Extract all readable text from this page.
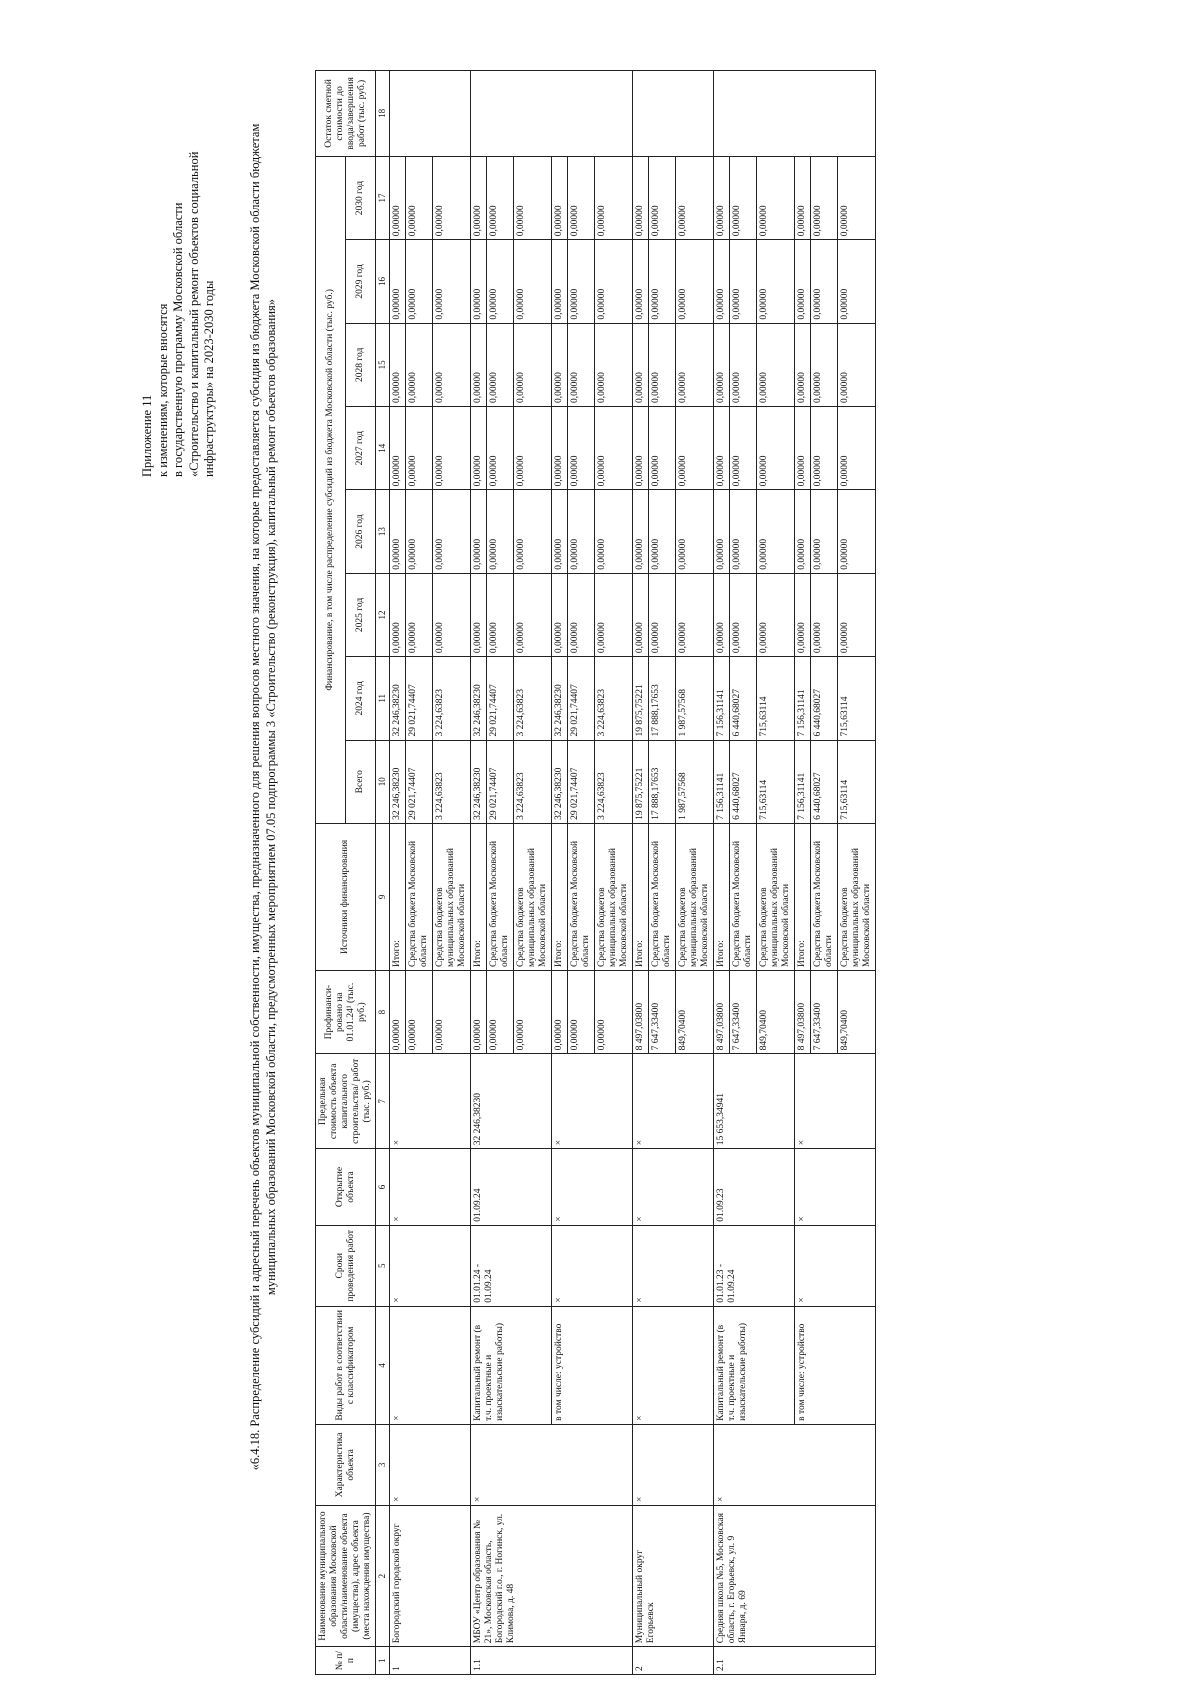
Приложение 11 к изменениям, которые вносятся в государственную программу Московской области «Строительство и капитальный ремонт объектов социальной инфраструктуры» на 2023-2030 годы	«6.4.18. Распределение субсидий и адресный перечень объектов муниципальной собственности, имущества, предназначенного для решения вопросов местного значения, на которые предоставляется субсидия из бюджета Московской области бюджетам муниципальных образований Московской области, предусмотренных мероприятием 07.05 подпрограммы 3 «Строительство (реконструкция), капитальный ремонт объектов образования»
№ п/п	Наименование муниципального образования Московской области/наименование объекта (имущества), адрес объекта (места нахождения имущества)	Характеристика объекта	Виды работ в соответствии с классификатором	Сроки проведения работ	Открытие объекта	Предельная стоимость объекта капитального строительства/ работ (тыс. руб.)	Профинанси-ровано на 01.01.24¹ (тыс. руб.)	Источники финансирования	Финансирование, в том числе распределение субсидий из бюджета Московской области (тыс. руб.)								Остаток сметной стоимости до ввода/завершения работ (тыс. руб.)
									Всего	2024 год	2025 год	2026 год	2027 год	2028 год	2029 год	2030 год	
1	2	3	4	5	6	7	8	9	10	11	12	13	14	15	16	17	18
1	Богородский городской округ	×	×	×	×	×	0,00000	Итого:	32 246,38230	32 246,38230	0,00000	0,00000	0,00000	0,00000	0,00000	0,00000	
							0,00000	Средства бюджета Московской области	29 021,74407	29 021,74407	0,00000	0,00000	0,00000	0,00000	0,00000	0,00000	
							0,00000	Средства бюджетов муниципальных образований Московской области	3 224,63823	3 224,63823	0,00000	0,00000	0,00000	0,00000	0,00000	0,00000	
1.1	МБОУ «Центр образования № 21», Московская область, Богородский г.о., г. Ногинск, ул. Климова, д. 48	×	Капитальный ремонт (в т.ч. проектные и изыскательские работы)	01.01.24 - 01.09.24	01.09.24	32 246,38230	0,00000	Итого:	32 246,38230	32 246,38230	0,00000	0,00000	0,00000	0,00000	0,00000	0,00000	
							0,00000	Средства бюджета Московской области	29 021,74407	29 021,74407	0,00000	0,00000	0,00000	0,00000	0,00000	0,00000	
							0,00000	Средства бюджетов муниципальных образований Московской области	3 224,63823	3 224,63823	0,00000	0,00000	0,00000	0,00000	0,00000	0,00000	
			в том числе: устройство	×	×	×	0,00000	Итого:	32 246,38230	32 246,38230	0,00000	0,00000	0,00000	0,00000	0,00000	0,00000	
							0,00000	Средства бюджета Московской области	29 021,74407	29 021,74407	0,00000	0,00000	0,00000	0,00000	0,00000	0,00000	
							0,00000	Средства бюджетов муниципальных образований Московской области	3 224,63823	3 224,63823	0,00000	0,00000	0,00000	0,00000	0,00000	0,00000	
2	Муниципальный округ Егорьевск	×	×	×	×	×	8 497,03800	Итого:	19 875,75221	19 875,75221	0,00000	0,00000	0,00000	0,00000	0,00000	0,00000	
							7 647,33400	Средства бюджета Московской области	17 888,17653	17 888,17653	0,00000	0,00000	0,00000	0,00000	0,00000	0,00000	
							849,70400	Средства бюджетов муниципальных образований Московской области	1 987,57568	1 987,57568	0,00000	0,00000	0,00000	0,00000	0,00000	0,00000	
2.1	Средняя школа №5, Московская область, г. Егорьевск, ул. 9 Января, д. 69	×	Капитальный ремонт (в т.ч. проектные и изыскательские работы)	01.01.23 - 01.09.24	01.09.23	15 653,34941	8 497,03800	Итого:	7 156,31141	7 156,31141	0,00000	0,00000	0,00000	0,00000	0,00000	0,00000	
							7 647,33400	Средства бюджета Московской области	6 440,68027	6 440,68027	0,00000	0,00000	0,00000	0,00000	0,00000	0,00000	
							849,70400	Средства бюджетов муниципальных образований Московской области	715,63114	715,63114	0,00000	0,00000	0,00000	0,00000	0,00000	0,00000	
			в том числе: устройство	×	×	×	8 497,03800	Итого:	7 156,31141	7 156,31141	0,00000	0,00000	0,00000	0,00000	0,00000	0,00000	
							7 647,33400	Средства бюджета Московской области	6 440,68027	6 440,68027	0,00000	0,00000	0,00000	0,00000	0,00000	0,00000	
							849,70400	Средства бюджетов муниципальных образований Московской области	715,63114	715,63114	0,00000	0,00000	0,00000	0,00000	0,00000	0,00000	
